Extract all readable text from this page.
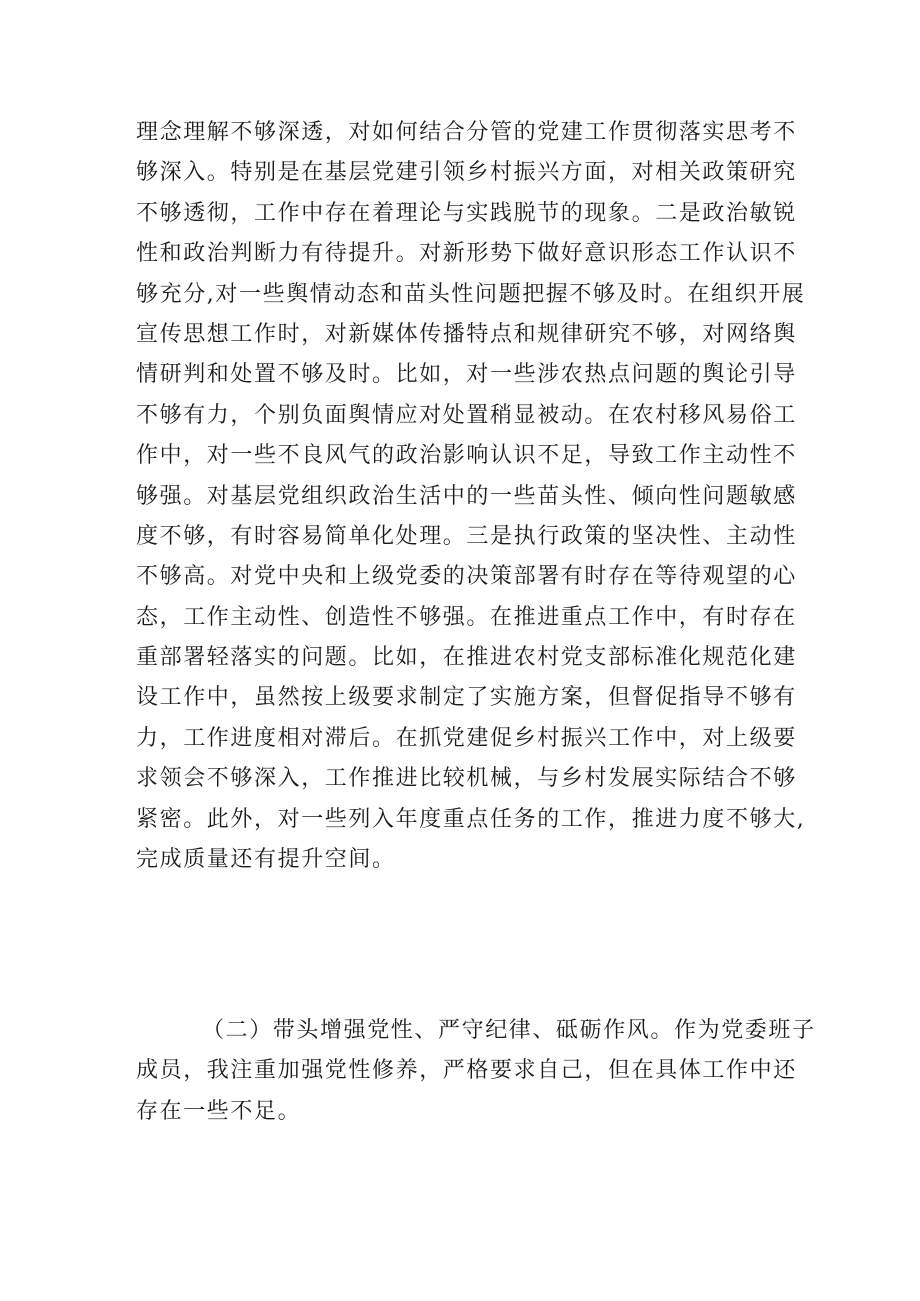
理念理解不够深透，对如何结合分管的党建工作贯彻落实思考不
够深入。特别是在基层党建引领乡村振兴方面，对相关政策研究
不够透彻，工作中存在着理论与实践脱节的现象。二是政治敏锐
性和政治判断力有待提升。对新形势下做好意识形态工作认识不
够充分,对一些舆情动态和苗头性问题把握不够及时。在组织开展
宣传思想工作时，对新媒体传播特点和规律研究不够，对网络舆
情研判和处置不够及时。比如，对一些涉农热点问题的舆论引导
不够有力，个别负面舆情应对处置稍显被动。在农村移风易俗工
作中，对一些不良风气的政治影响认识不足，导致工作主动性不
够强。对基层党组织政治生活中的一些苗头性、倾向性问题敏感
度不够，有时容易简单化处理。三是执行政策的坚决性、主动性
不够高。对党中央和上级党委的决策部署有时存在等待观望的心
态，工作主动性、创造性不够强。在推进重点工作中，有时存在
重部署轻落实的问题。比如，在推进农村党支部标准化规范化建
设工作中，虽然按上级要求制定了实施方案，但督促指导不够有
力，工作进度相对滞后。在抓党建促乡村振兴工作中，对上级要
求领会不够深入，工作推进比较机械，与乡村发展实际结合不够
紧密。此外，对一些列入年度重点任务的工作，推进力度不够大,
完成质量还有提升空间。
（二）带头增强党性、严守纪律、砥砺作风。作为党委班子
成员，我注重加强党性修养，严格要求自己，但在具体工作中还
存在一些不足。
